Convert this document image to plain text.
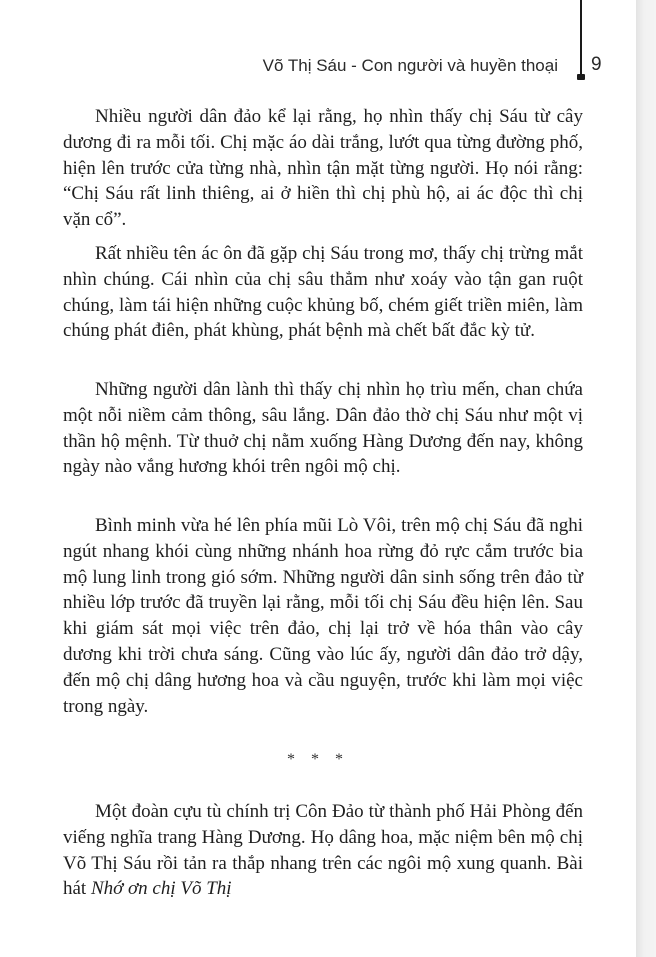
Võ Thị Sáu - Con người và huyền thoại 9

Nhiều người dân đảo kể lại rằng, họ nhìn thấy chị Sáu từ cây dương đi ra mỗi tối. Chị mặc áo dài trắng, lướt qua từng đường phố, hiện lên trước cửa từng nhà, nhìn tận mặt từng người. Họ nói rằng: “Chị Sáu rất linh thiêng, ai ở hiền thì chị phù hộ, ai ác độc thì chị vặn cổ”.

Rất nhiều tên ác ôn đã gặp chị Sáu trong mơ, thấy chị trừng mắt nhìn chúng. Cái nhìn của chị sâu thẳm như xoáy vào tận gan ruột chúng, làm tái hiện những cuộc khủng bố, chém giết triền miên, làm chúng phát điên, phát khùng, phát bệnh mà chết bất đắc kỳ tử.

Những người dân lành thì thấy chị nhìn họ trìu mến, chan chứa một nỗi niềm cảm thông, sâu lắng. Dân đảo thờ chị Sáu như một vị thần hộ mệnh. Từ thuở chị nằm xuống Hàng Dương đến nay, không ngày nào vắng hương khói trên ngôi mộ chị.

Bình minh vừa hé lên phía mũi Lò Vôi, trên mộ chị Sáu đã nghi ngút nhang khói cùng những nhánh hoa rừng đỏ rực cắm trước bia mộ lung linh trong gió sớm. Những người dân sinh sống trên đảo từ nhiều lớp trước đã truyền lại rằng, mỗi tối chị Sáu đều hiện lên. Sau khi giám sát mọi việc trên đảo, chị lại trở về hóa thân vào cây dương khi trời chưa sáng. Cũng vào lúc ấy, người dân đảo trở dậy, đến mộ chị dâng hương hoa và cầu nguyện, trước khi làm mọi việc trong ngày.

* * *

Một đoàn cựu tù chính trị Côn Đảo từ thành phố Hải Phòng đến viếng nghĩa trang Hàng Dương. Họ dâng hoa, mặc niệm bên mộ chị Võ Thị Sáu rồi tản ra thắp nhang trên các ngôi mộ xung quanh. Bài hát Nhớ ơn chị Võ Thị
